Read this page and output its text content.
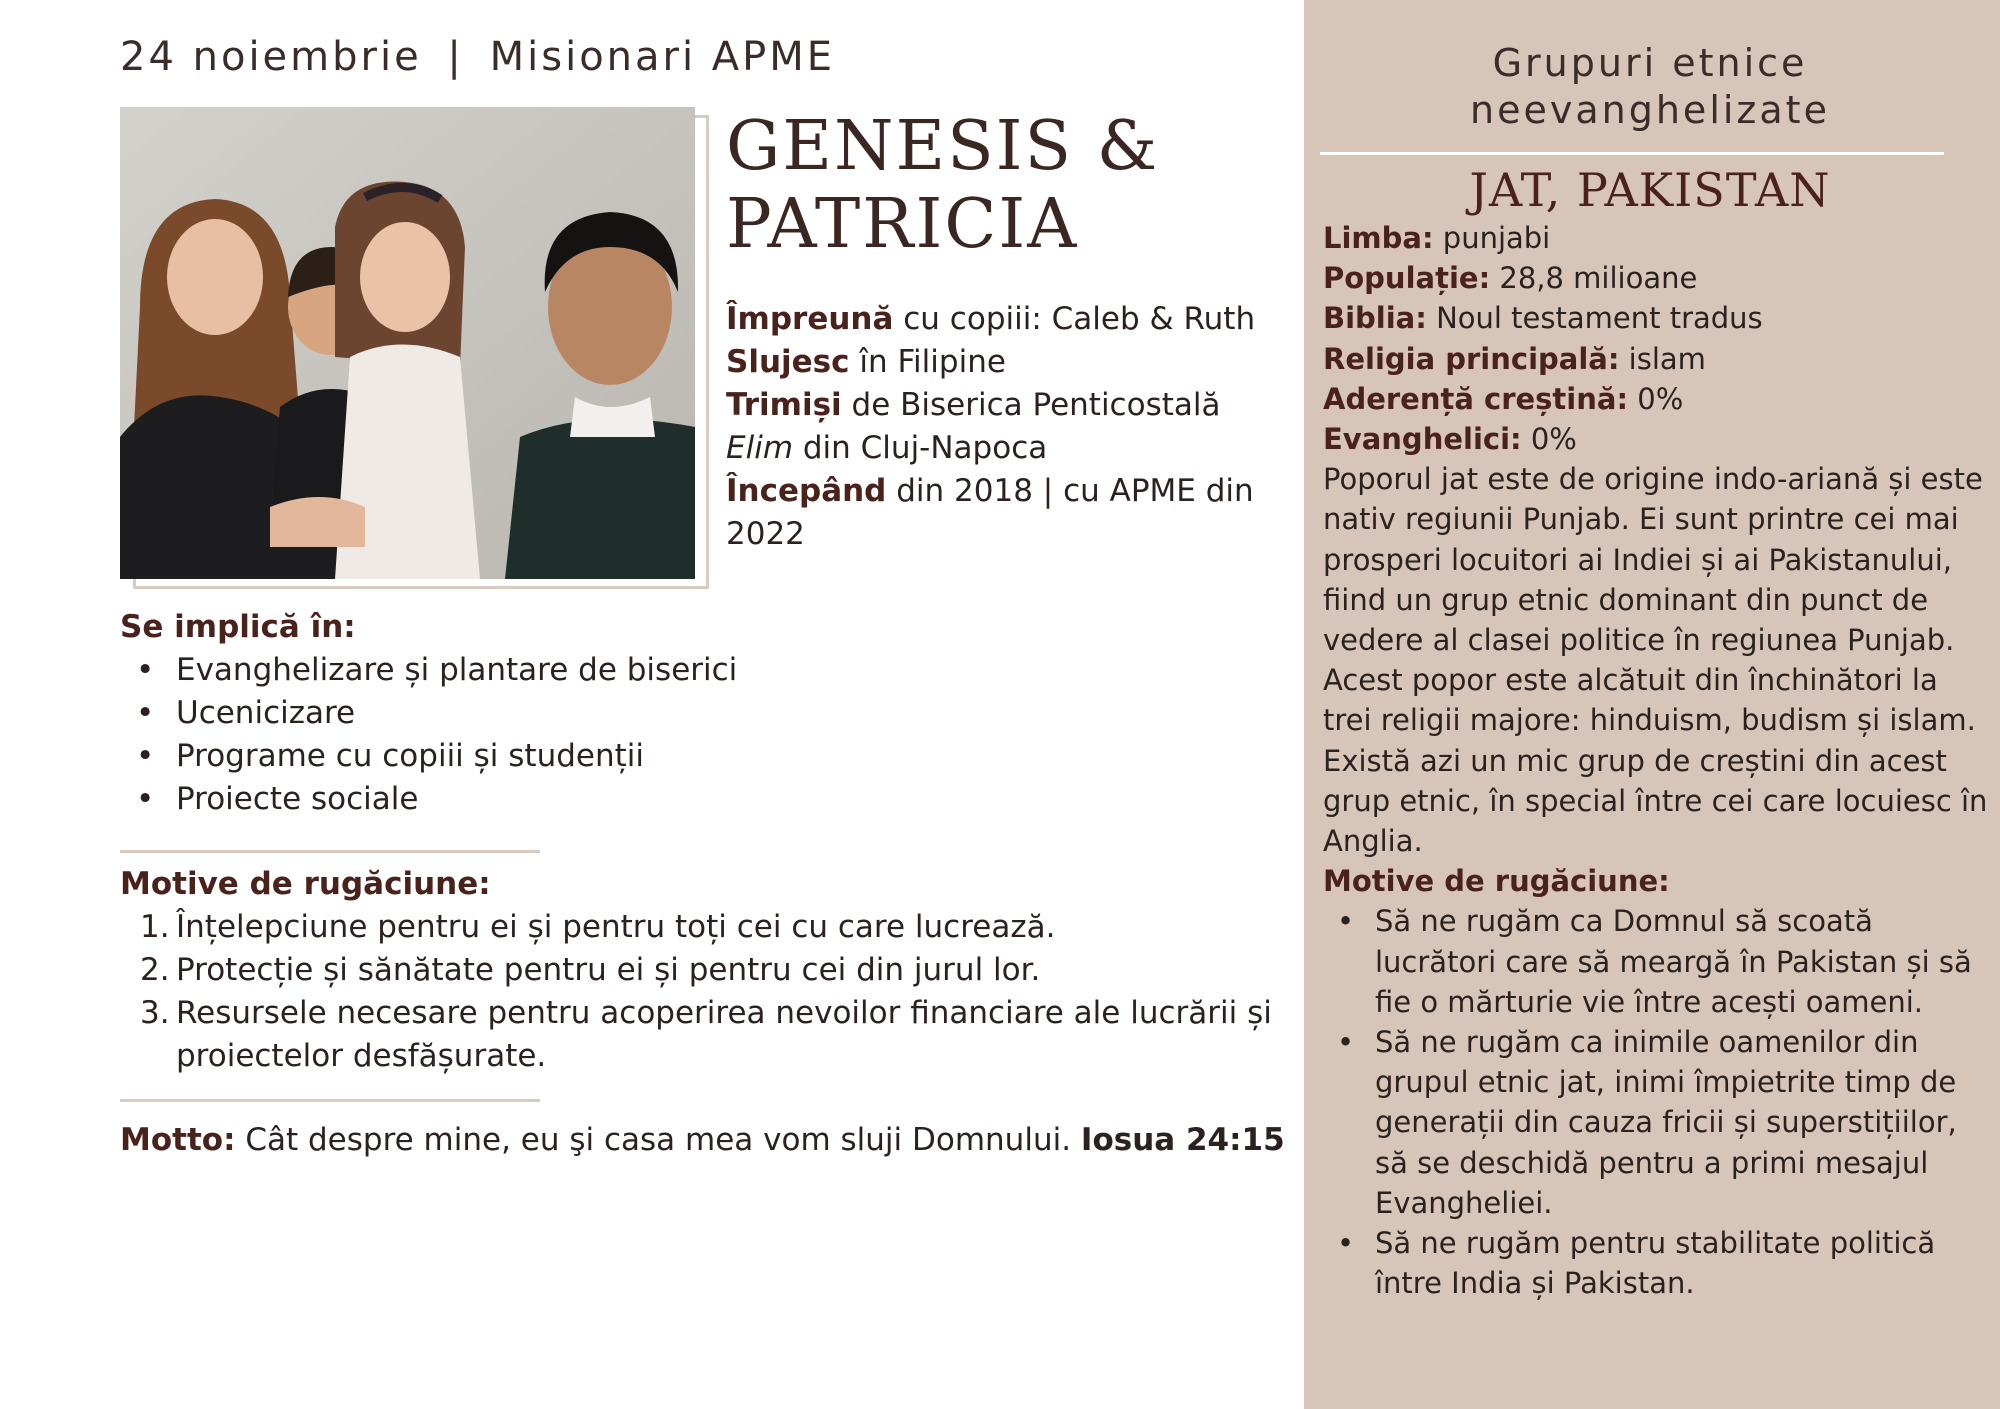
24 noiembrie | Misionari APME
GENESIS &
PATRICIA
Împreună cu copiii: Caleb & Ruth
Slujesc în Filipine
Trimiși de Biserica Penticostală
Elim din Cluj-Napoca
Începând din 2018 | cu APME din 2022
Se implică în:
• Evanghelizare și plantare de biserici
• Ucenicizare
• Programe cu copiii și studenții
• Proiecte sociale
Motive de rugăciune:
1. Înțelepciune pentru ei și pentru toți cei cu care lucrează.
2. Protecție și sănătate pentru ei și pentru cei din jurul lor.
3. Resursele necesare pentru acoperirea nevoilor financiare ale lucrării și proiectelor desfășurate.
Motto: Cât despre mine, eu şi casa mea vom sluji Domnului. Iosua 24:15
Grupuri etnice
neevanghelizate
JAT, PAKISTAN
Limba: punjabi
Populație: 28,8 milioane
Biblia: Noul testament tradus
Religia principală: islam
Aderență creștină: 0%
Evanghelici: 0%
Poporul jat este de origine indo-ariană și este nativ regiunii Punjab. Ei sunt printre cei mai prosperi locuitori ai Indiei și ai Pakistanului, fiind un grup etnic dominant din punct de vedere al clasei politice în regiunea Punjab. Acest popor este alcătuit din închinători la trei religii majore: hinduism, budism și islam.
Există azi un mic grup de creștini din acest grup etnic, în special între cei care locuiesc în Anglia.
Motive de rugăciune:
• Să ne rugăm ca Domnul să scoată lucrători care să meargă în Pakistan și să fie o mărturie vie între acești oameni.
• Să ne rugăm ca inimile oamenilor din grupul etnic jat, inimi împietrite timp de generații din cauza fricii și superstițiilor, să se deschidă pentru a primi mesajul Evangheliei.
• Să ne rugăm pentru stabilitate politică între India și Pakistan.
